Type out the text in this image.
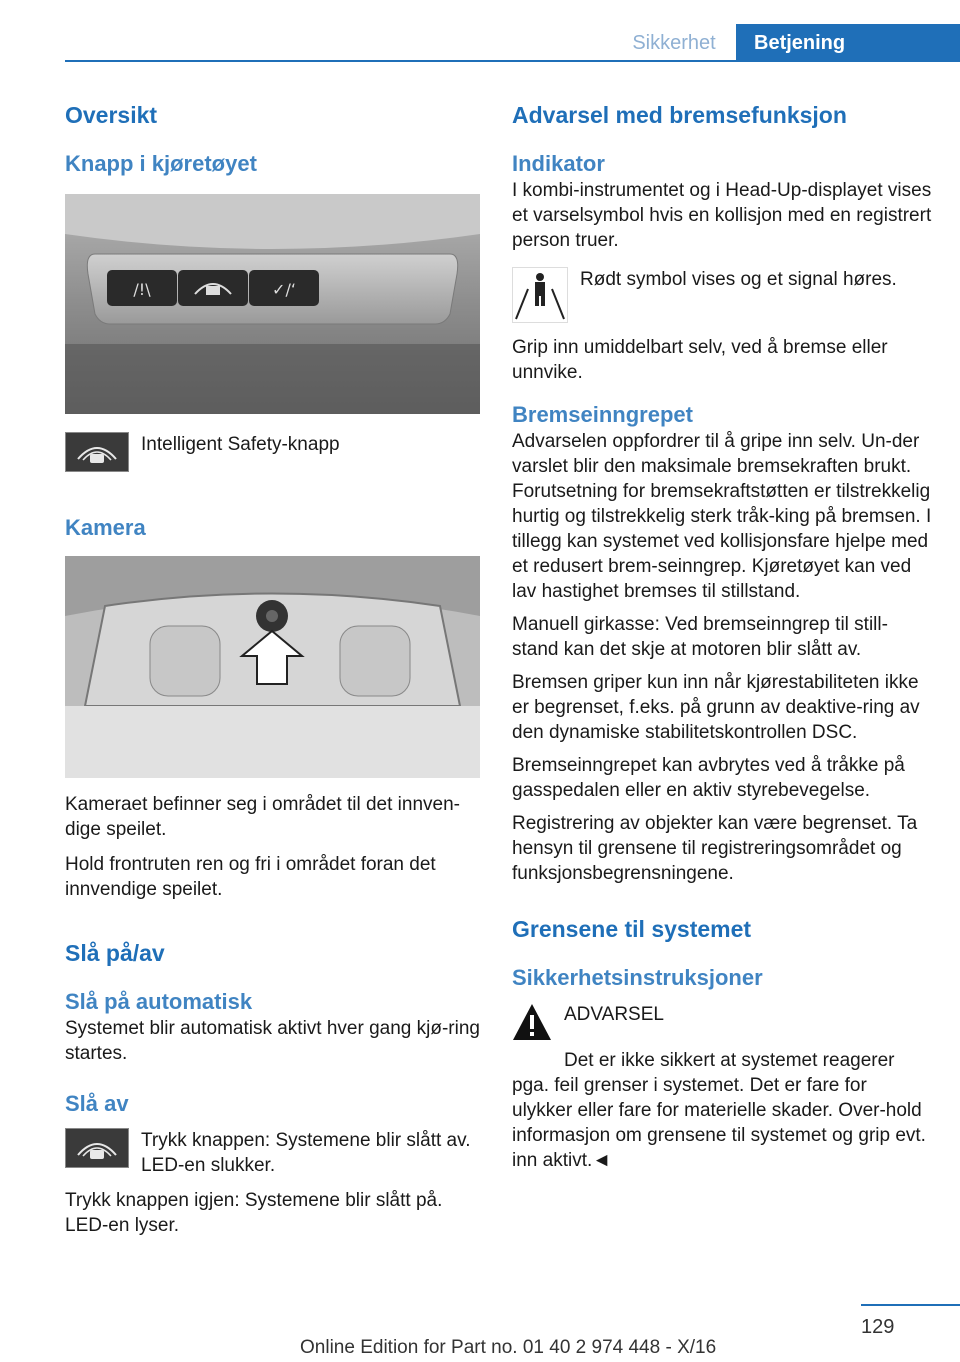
Sikkerhet	Betjening
Oversikt
Knapp i kjøretøyet
/!\	✓/‘
Intelligent Safety-knapp
Kamera
Kameraet befinner seg i området til det innven-dige speilet.
Hold frontruten ren og fri i området foran det innvendige speilet.
Slå på/av
Slå på automatisk
Systemet blir automatisk aktivt hver gang kjø-ring startes.
Slå av
Trykk knappen: Systemene blir slått av. LED-en slukker.
Trykk knappen igjen: Systemene blir slått på. LED-en lyser.
Advarsel med bremsefunksjon
Indikator
I kombi-instrumentet og i Head-Up-displayet vises et varselsymbol hvis en kollisjon med en registrert person truer.
Rødt symbol vises og et signal høres.
Grip inn umiddelbart selv, ved å bremse eller unnvike.
Bremseinngrepet
Advarselen oppfordrer til å gripe inn selv. Un-der varslet blir den maksimale bremsekraften brukt. Forutsetning for bremsekraftstøtten er tilstrekkelig hurtig og tilstrekkelig sterk tråk-king på bremsen. I tillegg kan systemet ved kollisjonsfare hjelpe med et redusert brem-seinngrep. Kjøretøyet kan ved lav hastighet bremses til stillstand.
Manuell girkasse: Ved bremseinngrep til still-stand kan det skje at motoren blir slått av.
Bremsen griper kun inn når kjørestabiliteten ikke er begrenset, f.eks. på grunn av deaktive-ring av den dynamiske stabilitetskontrollen DSC.
Bremseinngrepet kan avbrytes ved å tråkke på gasspedalen eller en aktiv styrebevegelse.
Registrering av objekter kan være begrenset. Ta hensyn til grensene til registreringsområdet og funksjonsbegrensningene.
Grensene til systemet
Sikkerhetsinstruksjoner
ADVARSEL
Det er ikke sikkert at systemet reagerer pga. feil grenser i systemet. Det er fare for ulykker eller fare for materielle skader. Over-hold informasjon om grensene til systemet og grip evt. inn aktivt.◄
129
Online Edition for Part no. 01 40 2 974 448 - X/16
